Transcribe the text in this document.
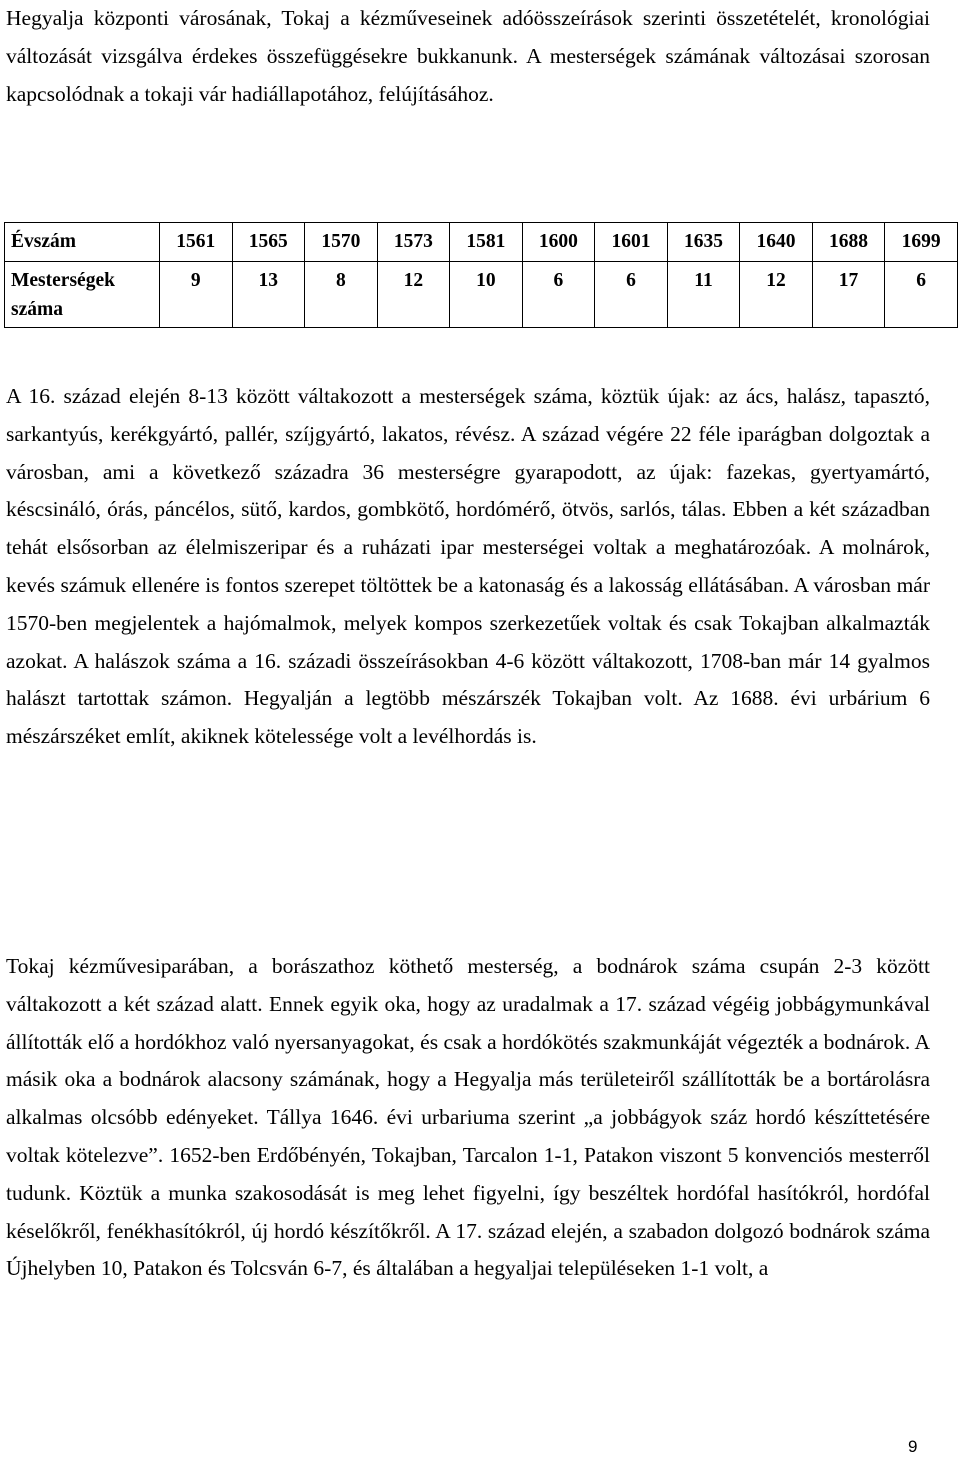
Hegyalja központi városának, Tokaj a kézműveseinek adóösszeírások szerinti összetételét, kronológiai változását vizsgálva érdekes összefüggésekre bukkanunk. A mesterségek számának változásai szorosan kapcsolódnak a tokaji vár hadiállapotához, felújításához.

Évszám	1561	1565	1570	1573	1581	1600	1601	1635	1640	1688	1699
Mesterségek száma	9	13	8	12	10	6	6	11	12	17	6

A 16. század elején 8-13 között váltakozott a mesterségek száma, köztük újak: az ács, halász, tapasztó, sarkantyús, kerékgyártó, pallér, szíjgyártó, lakatos, révész. A század végére 22 féle iparágban dolgoztak a városban, ami a következő századra 36 mesterségre gyarapodott, az újak: fazekas, gyertyamártó, késcsináló, órás, páncélos, sütő, kardos, gombkötő, hordómérő, ötvös, sarlós, tálas. Ebben a két században tehát elsősorban az élelmiszeripar és a ruházati ipar mesterségei voltak a meghatározóak. A molnárok, kevés számuk ellenére is fontos szerepet töltöttek be a katonaság és a lakosság ellátásában. A városban már 1570-ben megjelentek a hajómalmok, melyek kompos szerkezetűek voltak és csak Tokajban alkalmazták azokat. A halászok száma a 16. századi összeírásokban 4-6 között váltakozott, 1708-ban már 14 gyalmos halászt tartottak számon. Hegyalján a legtöbb mészárszék Tokajban volt. Az 1688. évi urbárium 6 mészárszéket említ, akiknek kötelessége volt a levélhordás is.

Tokaj kézművesiparában, a borászathoz köthető mesterség, a bodnárok száma csupán 2-3 között váltakozott a két század alatt. Ennek egyik oka, hogy az uradalmak a 17. század végéig jobbágymunkával állították elő a hordókhoz való nyersanyagokat, és csak a hordókötés szakmunkáját végezték a bodnárok. A másik oka a bodnárok alacsony számának, hogy a Hegyalja más területeiről szállították be a bortárolásra alkalmas olcsóbb edényeket. Tállya 1646. évi urbariuma szerint „a jobbágyok száz hordó készíttetésére voltak kötelezve”. 1652-ben Erdőbényén, Tokajban, Tarcalon 1-1, Patakon viszont 5 konvenciós mesterről tudunk. Köztük a munka szakosodását is meg lehet figyelni, így beszéltek hordófal hasítókról, hordófal késelőkről, fenékhasítókról, új hordó készítőkről. A 17. század elején, a szabadon dolgozó bodnárok száma Újhelyben 10, Patakon és Tolcsván 6-7, és általában a hegyaljai településeken 1-1 volt, a

9
